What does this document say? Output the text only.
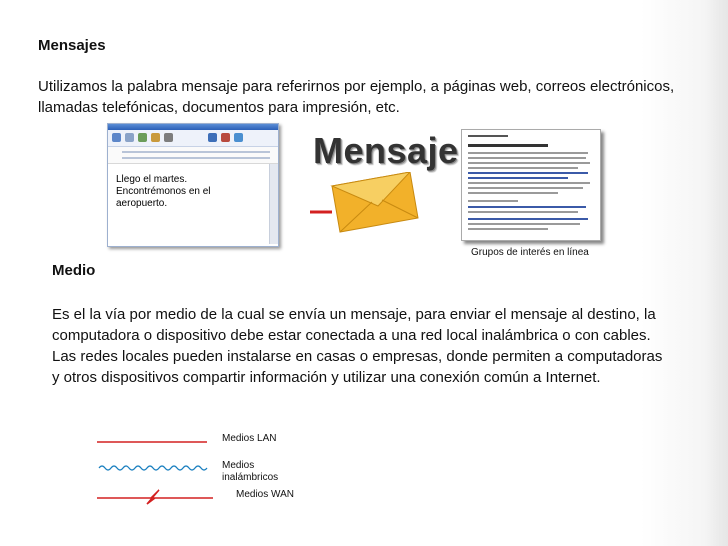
Mensajes
Utilizamos la palabra mensaje para referirnos por ejemplo, a páginas web, correos electrónicos, llamadas telefónicas, documentos para impresión, etc.
Llego el martes.
Encontrémonos en el
aeropuerto.
Mensaje
Grupos de interés en línea
Medio
Es el la vía por medio de la cual se envía un mensaje, para enviar el mensaje al destino, la computadora o dispositivo debe estar conectada a una red local inalámbrica o con cables. Las redes locales pueden instalarse en casas o empresas, donde permiten a computadoras y otros dispositivos compartir información y utilizar una conexión común a Internet.
Medios LAN
Medios
inalámbricos
Medios WAN
